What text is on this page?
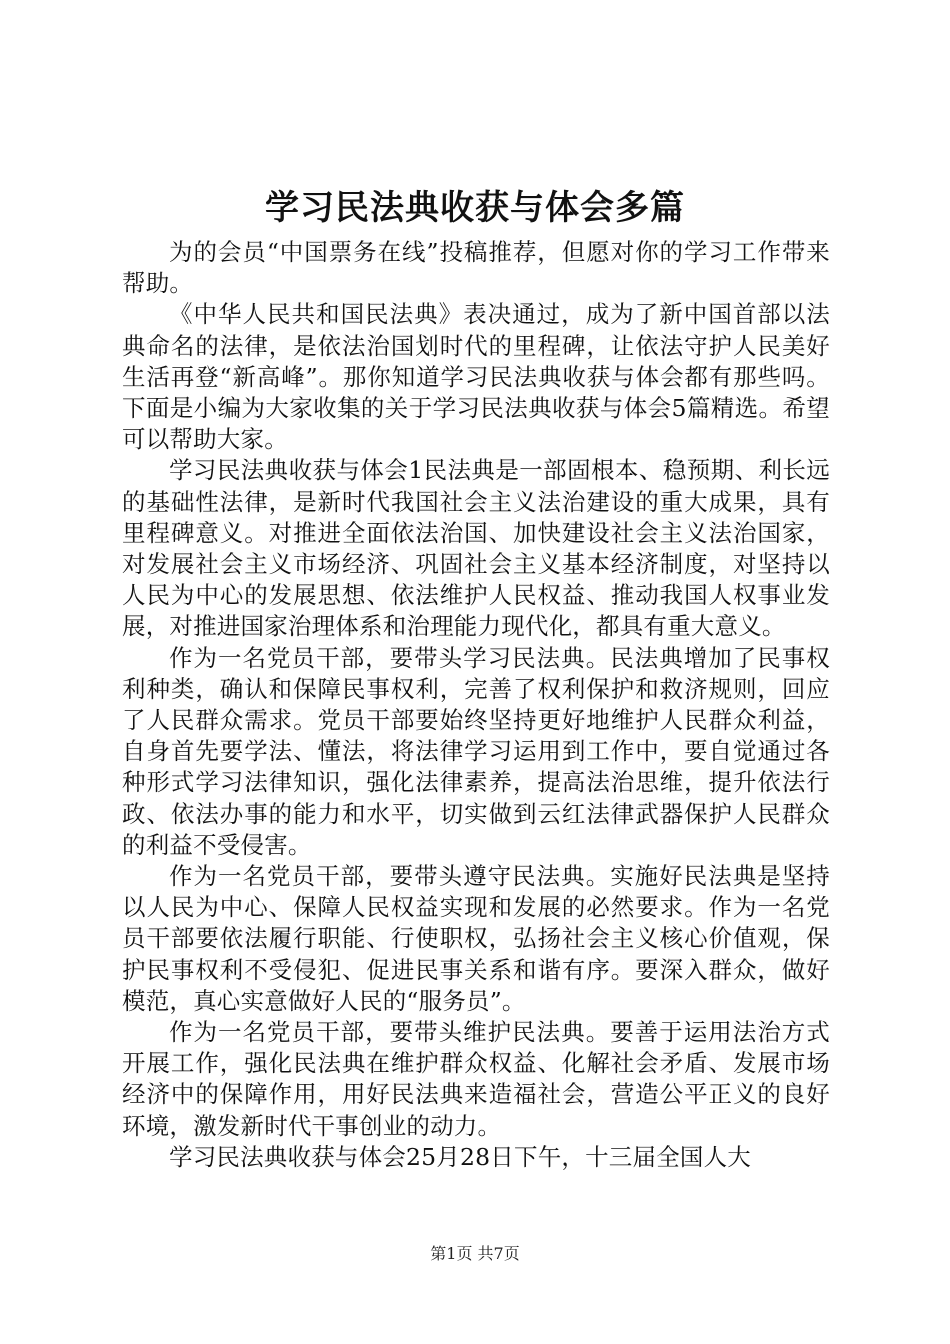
学习民法典收获与体会多篇

为的会员“中国票务在线”投稿推荐，但愿对你的学习工作带来帮助。

《中华人民共和国民法典》表决通过，成为了新中国首部以法典命名的法律，是依法治国划时代的里程碑，让依法守护人民美好生活再登“新高峰”。那你知道学习民法典收获与体会都有那些吗。下面是小编为大家收集的关于学习民法典收获与体会5篇精选。希望可以帮助大家。

学习民法典收获与体会1民法典是一部固根本、稳预期、利长远的基础性法律，是新时代我国社会主义法治建设的重大成果，具有里程碑意义。对推进全面依法治国、加快建设社会主义法治国家，对发展社会主义市场经济、巩固社会主义基本经济制度，对坚持以人民为中心的发展思想、依法维护人民权益、推动我国人权事业发展，对推进国家治理体系和治理能力现代化，都具有重大意义。

作为一名党员干部，要带头学习民法典。民法典增加了民事权利种类，确认和保障民事权利，完善了权利保护和救济规则，回应了人民群众需求。党员干部要始终坚持更好地维护人民群众利益，自身首先要学法、懂法，将法律学习运用到工作中，要自觉通过各种形式学习法律知识，强化法律素养，提高法治思维，提升依法行政、依法办事的能力和水平，切实做到云红法律武器保护人民群众的利益不受侵害。

作为一名党员干部，要带头遵守民法典。实施好民法典是坚持以人民为中心、保障人民权益实现和发展的必然要求。作为一名党员干部要依法履行职能、行使职权，弘扬社会主义核心价值观，保护民事权利不受侵犯、促进民事关系和谐有序。要深入群众，做好模范，真心实意做好人民的“服务员”。

作为一名党员干部，要带头维护民法典。要善于运用法治方式开展工作，强化民法典在维护群众权益、化解社会矛盾、发展市场经济中的保障作用，用好民法典来造福社会，营造公平正义的良好环境，激发新时代干事创业的动力。

学习民法典收获与体会25月28日下午，十三届全国人大

第1页 共7页
